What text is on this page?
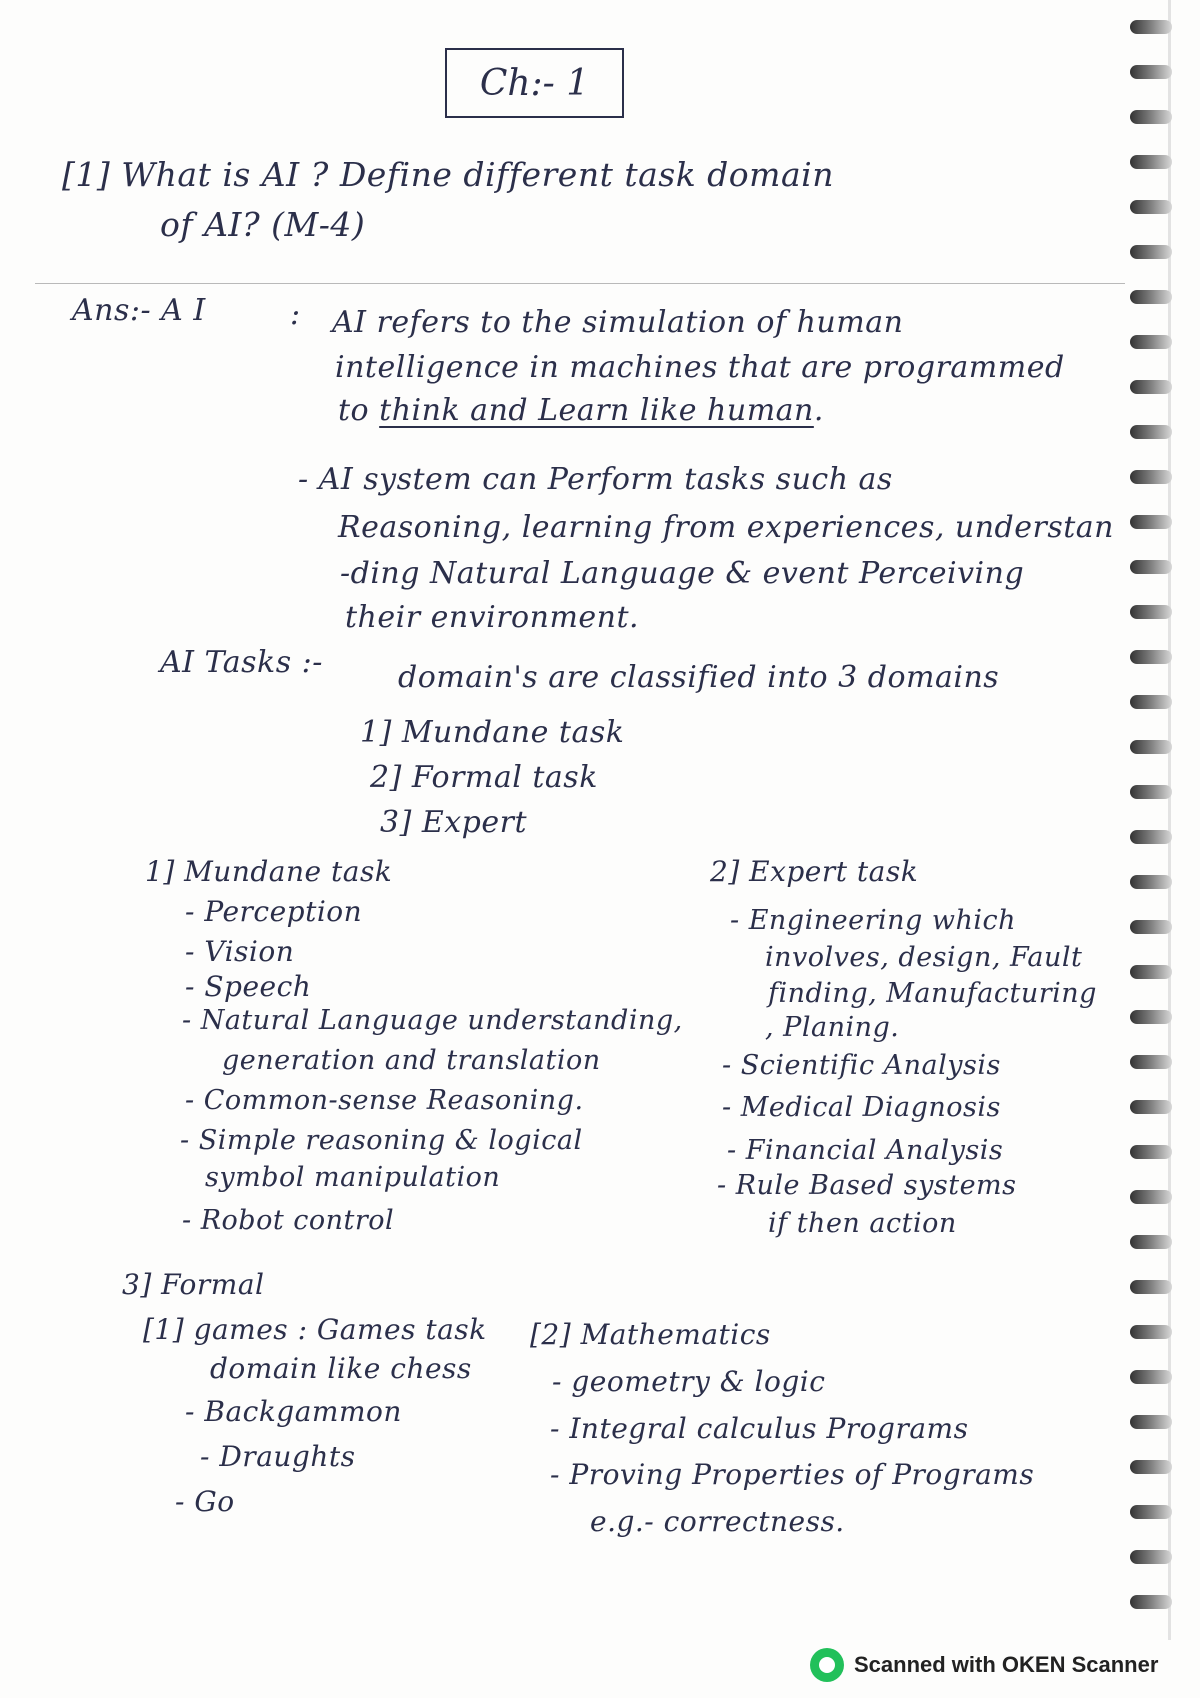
Ch:- 1
[1] What is AI ? Define different task domain
of AI? (M-4)
Ans:- A I	: AI refers to the simulation of human
intelligence in machines that are programmed
to think and Learn like human.
- AI system can Perform tasks such as
Reasoning, learning from experiences, understan
-ding Natural Language & event Perceiving
their environment.
AI Tasks :-	domain's are classified into 3 domains
1] Mundane task
2] Formal task
3] Expert
1] Mundane task
- Perception
- Vision
- Speech
- Natural Language understanding,
generation and translation
- Common-sense Reasoning.
- Simple reasoning & logical
symbol manipulation
- Robot control
2] Expert task
- Engineering which
involves, design, Fault
finding, Manufacturing
, Planing.
- Scientific Analysis
- Medical Diagnosis
- Financial Analysis
- Rule Based systems
if then action
3] Formal
[1] games : Games task
domain like chess
- Backgammon
- Draughts
- Go
[2] Mathematics
- geometry & logic
- Integral calculus Programs
- Proving Properties of Programs
e.g.- correctness.
Scanned with OKEN Scanner
